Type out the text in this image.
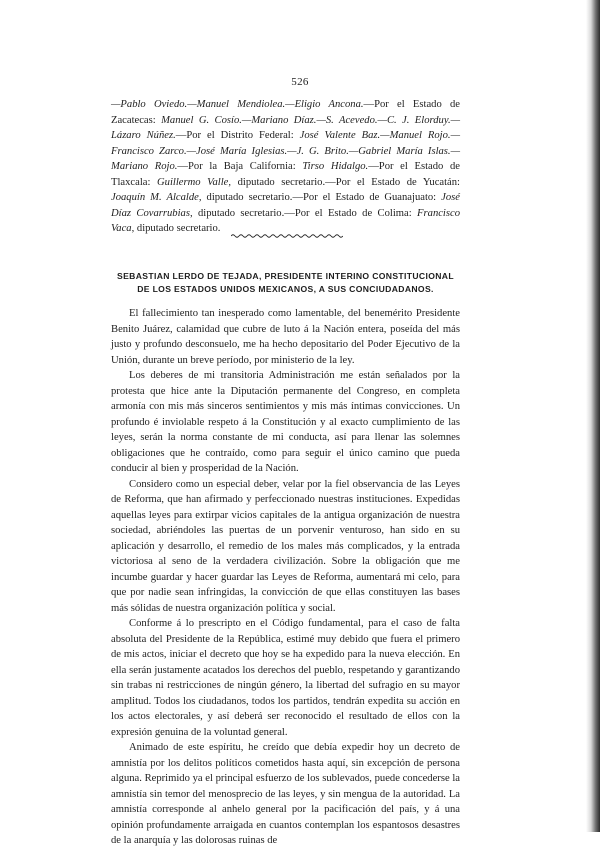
526

—Pablo Oviedo.—Manuel Mendiolea.—Eligio Ancona.—Por el Estado de Zacatecas: Manuel G. Cosío.—Mariano Díaz.—S. Acevedo.—C. J. Elorduy.—Lázaro Núñez.—Por el Distrito Federal: José Valente Baz.—Manuel Rojo.—Francisco Zarco.—José María Iglesias.—J. G. Brito.—Gabriel María Islas.—Mariano Rojo.—Por la Baja California: Tirso Hidalgo.—Por el Estado de Tlaxcala: Guillermo Valle, diputado secretario.—Por el Estado de Yucatán: Joaquín M. Alcalde, diputado secretario.—Por el Estado de Guanajuato: José Díaz Covarrubias, diputado secretario.—Por el Estado de Colima: Francisco Vaca, diputado secretario.

SEBASTIAN LERDO DE TEJADA, PRESIDENTE INTERINO CONSTITUCIONAL
DE LOS ESTADOS UNIDOS MEXICANOS, A SUS CONCIUDADANOS.

El fallecimiento tan inesperado como lamentable, del benemérito Presidente Benito Juárez, calamidad que cubre de luto á la Nación entera, poseída del más justo y profundo desconsuelo, me ha hecho depositario del Poder Ejecutivo de la Unión, durante un breve período, por ministerio de la ley.

Los deberes de mi transitoria Administración me están señalados por la protesta que hice ante la Diputación permanente del Congreso, en completa armonía con mis más sinceros sentimientos y mis más íntimas convicciones. Un profundo é inviolable respeto á la Constitución y al exacto cumplimiento de las leyes, serán la norma constante de mi conducta, así para llenar las solemnes obligaciones que he contraído, como para seguir el único camino que pueda conducir al bien y prosperidad de la Nación.

Considero como un especial deber, velar por la fiel observancia de las Leyes de Reforma, que han afirmado y perfeccionado nuestras instituciones. Expedidas aquellas leyes para extirpar vicios capitales de la antigua organización de nuestra sociedad, abriéndoles las puertas de un porvenir venturoso, han sido en su aplicación y desarrollo, el remedio de los males más complicados, y la entrada victoriosa al seno de la verdadera civilización. Sobre la obligación que me incumbe guardar y hacer guardar las Leyes de Reforma, aumentará mi celo, para que por nadie sean infringidas, la convicción de que ellas constituyen las bases más sólidas de nuestra organización política y social.

Conforme á lo prescripto en el Código fundamental, para el caso de falta absoluta del Presidente de la República, estimé muy debido que fuera el primero de mis actos, iniciar el decreto que hoy se ha expedido para la nueva elección. En ella serán justamente acatados los derechos del pueblo, respetando y garantizando sin trabas ni restricciones de ningún género, la libertad del sufragio en su mayor amplitud. Todos los ciudadanos, todos los partidos, tendrán expedita su acción en los actos electorales, y así deberá ser reconocido el resultado de ellos con la expresión genuina de la voluntad general.

Animado de este espíritu, he creído que debía expedir hoy un decreto de amnistía por los delitos políticos cometidos hasta aquí, sin excepción de persona alguna. Reprimido ya el principal esfuerzo de los sublevados, puede concederse la amnistía sin temor del menosprecio de las leyes, y sin mengua de la autoridad. La amnistía corresponde al anhelo general por la pacificación del país, y á una opinión profundamente arraigada en cuantos contemplan los espantosos desastres de la anarquía y las dolorosas ruinas de
